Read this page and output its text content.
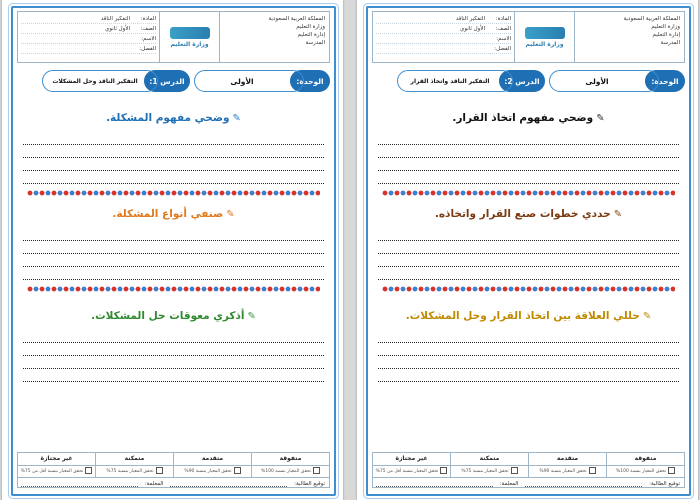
المملكة العربية السعودية
وزارة التعليم
إدارة التعليم
المدرسة
وزارة التعليم
المادة:
التفكير الناقد
الصف:
الأول ثانوي
الاسم:
الفصل:
الوحدة:
الأولى
الدرس 1:
التفكير الناقد وحل المشكلات
✎وضحي مفهوم المشكلة.
✎صنفي أنواع المشكلة.
✎أذكري معوقات حل المشكلات.
متفوقة
متقدمة
متمكنة
غير مجتازة
تحقق المعيار بنسبة 100%
تحقق المعيار بنسبة 90%
تحقق المعيار بنسبة 75%
تحقق المعيار بنسبة أقل من 75%
توقيع الطالبة:
المعلمة:
المملكة العربية السعودية
وزارة التعليم
إدارة التعليم
المدرسة
وزارة التعليم
المادة:
التفكير الناقد
الصف:
الأول ثانوي
الاسم:
الفصل:
الوحدة:
الأولى
الدرس 2:
التفكير الناقد واتخاذ القرار
✎وضحي مفهوم اتخاذ القرار.
✎حددي خطوات صنع القرار واتخاذه.
✎حللي العلاقة بين اتخاذ القرار وحل المشكلات.
متفوقة
متقدمة
متمكنة
غير مجتازة
تحقق المعيار بنسبة 100%
تحقق المعيار بنسبة 90%
تحقق المعيار بنسبة 75%
تحقق المعيار بنسبة أقل من 75%
توقيع الطالبة:
المعلمة:
